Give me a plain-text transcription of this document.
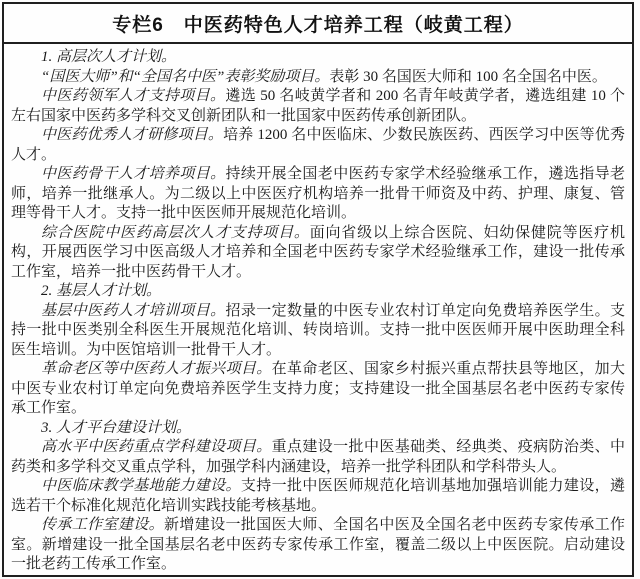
专栏6　中医药特色人才培养工程（岐黄工程）

1. 高层次人才计划。

“国医大师”和“全国名中医”表彰奖励项目。表彰 30 名国医大师和 100 名全国名中医。

中医药领军人才支持项目。遴选 50 名岐黄学者和 200 名青年岐黄学者，遴选组建 10 个左右国家中医药多学科交叉创新团队和一批国家中医药传承创新团队。

中医药优秀人才研修项目。培养 1200 名中医临床、少数民族医药、西医学习中医等优秀人才。

中医药骨干人才培养项目。持续开展全国老中医药专家学术经验继承工作，遴选指导老师，培养一批继承人。为二级以上中医医疗机构培养一批骨干师资及中药、护理、康复、管理等骨干人才。支持一批中医医师开展规范化培训。

综合医院中医药高层次人才支持项目。面向省级以上综合医院、妇幼保健院等医疗机构，开展西医学习中医高级人才培养和全国老中医药专家学术经验继承工作，建设一批传承工作室，培养一批中医药骨干人才。

2. 基层人才计划。

基层中医药人才培训项目。招录一定数量的中医专业农村订单定向免费培养医学生。支持一批中医类别全科医生开展规范化培训、转岗培训。支持一批中医医师开展中医助理全科医生培训。为中医馆培训一批骨干人才。

革命老区等中医药人才振兴项目。在革命老区、国家乡村振兴重点帮扶县等地区，加大中医专业农村订单定向免费培养医学生支持力度；支持建设一批全国基层名老中医药专家传承工作室。

3. 人才平台建设计划。

高水平中医药重点学科建设项目。重点建设一批中医基础类、经典类、疫病防治类、中药类和多学科交叉重点学科，加强学科内涵建设，培养一批学科团队和学科带头人。

中医临床教学基地能力建设。支持一批中医医师规范化培训基地加强培训能力建设，遴选若干个标准化规范化培训实践技能考核基地。

传承工作室建设。新增建设一批国医大师、全国名中医及全国名老中医药专家传承工作室。新增建设一批全国基层名老中医药专家传承工作室，覆盖二级以上中医医院。启动建设一批老药工传承工作室。
